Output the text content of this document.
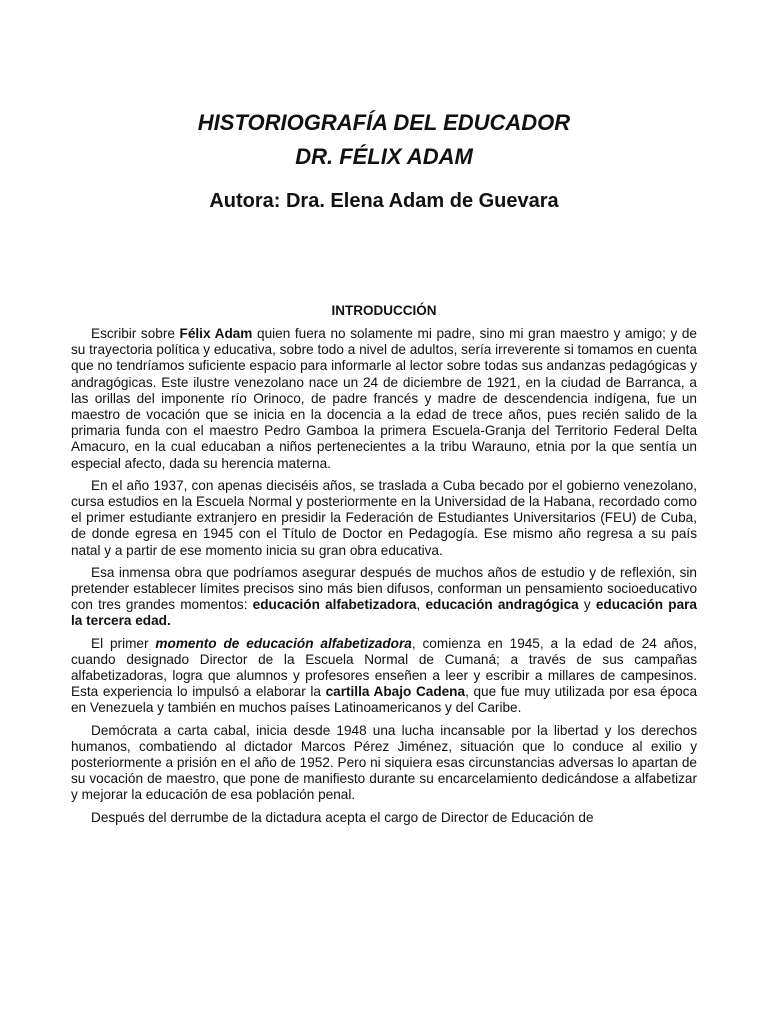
HISTORIOGRAFÍA DEL EDUCADOR
DR. FÉLIX ADAM
Autora: Dra. Elena Adam de Guevara
INTRODUCCIÓN

Escribir sobre Félix Adam quien fuera no solamente mi padre, sino mi gran maestro y amigo; y de su trayectoria política y educativa, sobre todo a nivel de adultos, sería irreverente si tomamos en cuenta que no tendríamos suficiente espacio para informarle al lector sobre todas sus andanzas pedagógicas y andragógicas. Este ilustre venezolano nace un 24 de diciembre de 1921, en la ciudad de Barranca, a las orillas del imponente río Orinoco, de padre francés y madre de descendencia indígena, fue un maestro de vocación que se inicia en la docencia a la edad de trece años, pues recién salido de la primaria funda con el maestro Pedro Gamboa la primera Escuela-Granja del Territorio Federal Delta Amacuro, en la cual educaban a niños pertenecientes a la tribu Warauno, etnia por la que sentía un especial afecto, dada su herencia materna.

En el año 1937, con apenas dieciséis años, se traslada a Cuba becado por el gobierno venezolano, cursa estudios en la Escuela Normal y posteriormente en la Universidad de la Habana, recordado como el primer estudiante extranjero en presidir la Federación de Estudiantes Universitarios (FEU) de Cuba, de donde egresa en 1945 con el Título de Doctor en Pedagogía. Ese mismo año regresa a su país natal y a partir de ese momento inicia su gran obra educativa.

Esa inmensa obra que podríamos asegurar después de muchos años de estudio y de reflexión, sin pretender establecer límites precisos sino más bien difusos, conforman un pensamiento socioeducativo con tres grandes momentos: educación alfabetizadora, educación andragógica y educación para la tercera edad.

El primer momento de educación alfabetizadora, comienza en 1945, a la edad de 24 años, cuando designado Director de la Escuela Normal de Cumaná; a través de sus campañas alfabetizadoras, logra que alumnos y profesores enseñen a leer y escribir a millares de campesinos. Esta experiencia lo impulsó a elaborar la cartilla Abajo Cadena, que fue muy utilizada por esa época en Venezuela y también en muchos países Latinoamericanos y del Caribe.

Demócrata a carta cabal, inicia desde 1948 una lucha incansable por la libertad y los derechos humanos, combatiendo al dictador Marcos Pérez Jiménez, situación que lo conduce al exilio y posteriormente a prisión en el año de 1952. Pero ni siquiera esas circunstancias adversas lo apartan de su vocación de maestro, que pone de manifiesto durante su encarcelamiento dedicándose a alfabetizar y mejorar la educación de esa población penal.

Después del derrumbe de la dictadura acepta el cargo de Director de Educación de
